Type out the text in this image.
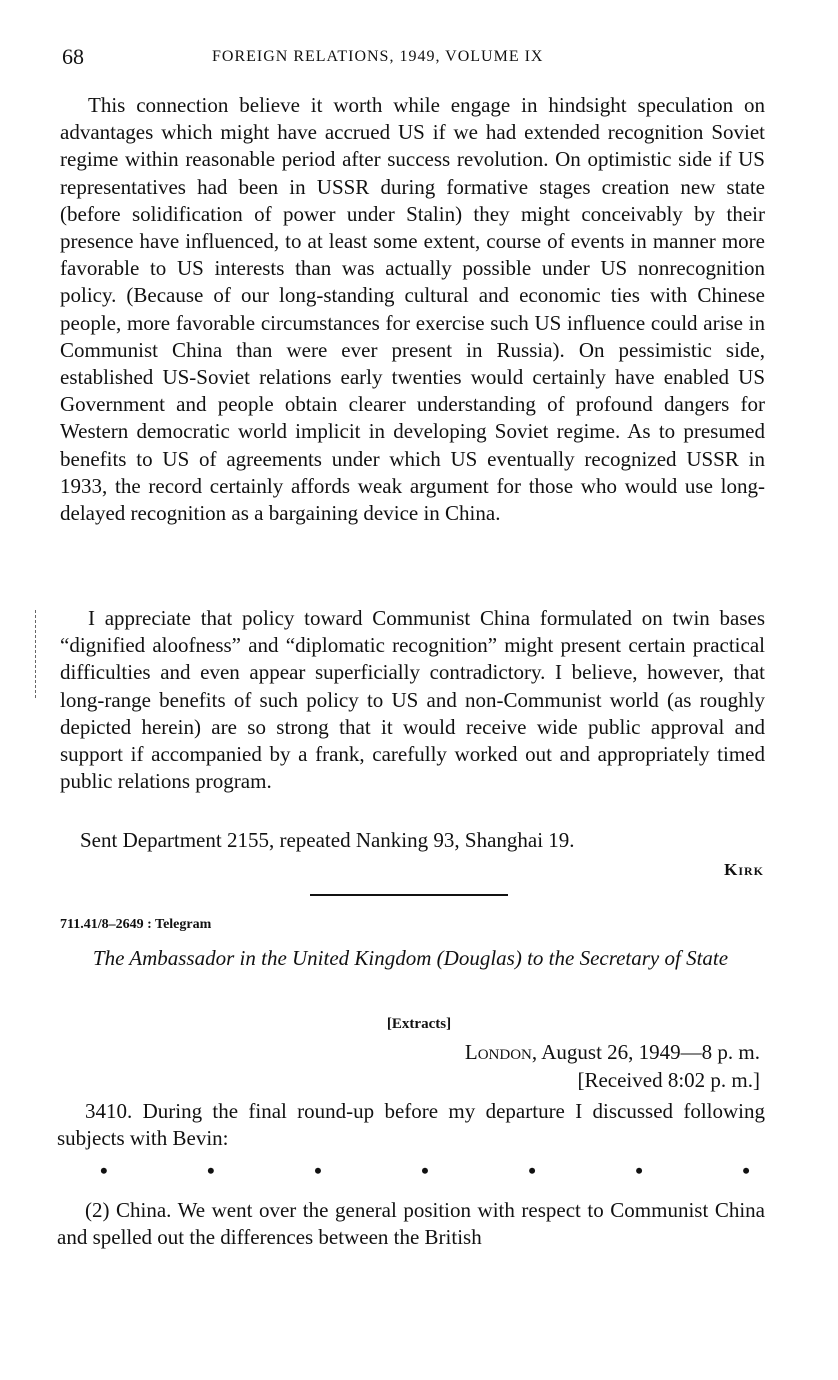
68	FOREIGN RELATIONS, 1949, VOLUME IX

This connection believe it worth while engage in hindsight speculation on advantages which might have accrued US if we had extended recognition Soviet regime within reasonable period after success revolution. On optimistic side if US representatives had been in USSR during formative stages creation new state (before solidification of power under Stalin) they might conceivably by their presence have influenced, to at least some extent, course of events in manner more favorable to US interests than was actually possible under US nonrecognition policy. (Because of our long-standing cultural and economic ties with Chinese people, more favorable circumstances for exercise such US influence could arise in Communist China than were ever present in Russia). On pessimistic side, established US-Soviet relations early twenties would certainly have enabled US Government and people obtain clearer understanding of profound dangers for Western democratic world implicit in developing Soviet regime. As to presumed benefits to US of agreements under which US eventually recognized USSR in 1933, the record certainly affords weak argument for those who would use long-delayed recognition as a bargaining device in China.

I appreciate that policy toward Communist China formulated on twin bases “dignified aloofness” and “diplomatic recognition” might present certain practical difficulties and even appear superficially contradictory. I believe, however, that long-range benefits of such policy to US and non-Communist world (as roughly depicted herein) are so strong that it would receive wide public approval and support if accompanied by a frank, carefully worked out and appropriately timed public relations program.

Sent Department 2155, repeated Nanking 93, Shanghai 19.
Kirk
711.41/8–2649 : Telegram
The Ambassador in the United Kingdom (Douglas) to the Secretary of State
[Extracts]
London, August 26, 1949—8 p. m.
[Received 8:02 p. m.]

3410. During the final round-up before my departure I discussed following subjects with Bevin:

•	•	•	•	•	•	•

(2) China. We went over the general position with respect to Communist China and spelled out the differences between the British
